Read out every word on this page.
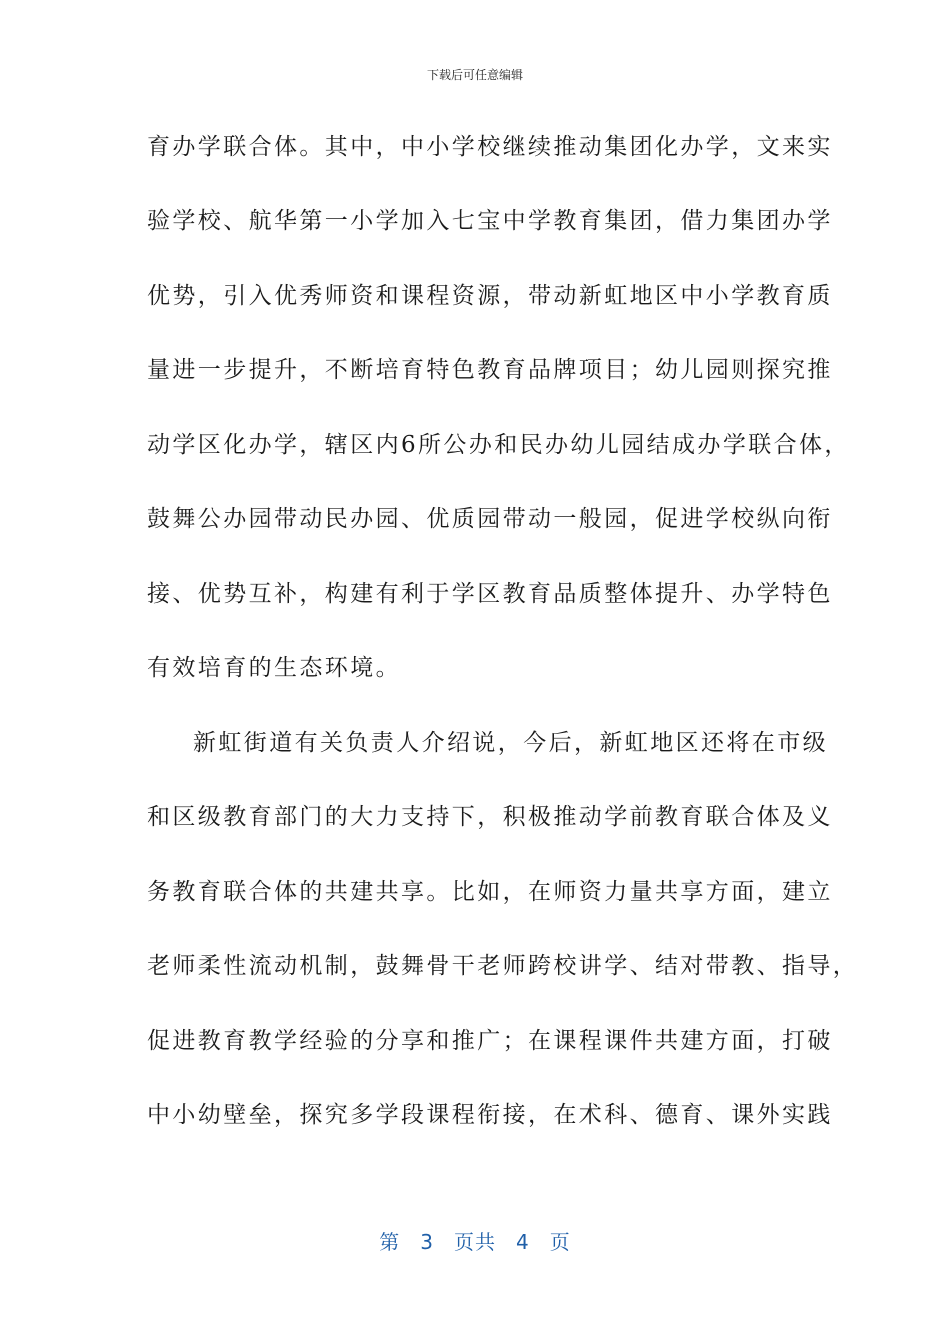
下载后可任意编辑
育办学联合体。其中，中小学校继续推动集团化办学，文来实
验学校、航华第一小学加入七宝中学教育集团，借力集团办学
优势，引入优秀师资和课程资源，带动新虹地区中小学教育质
量进一步提升，不断培育特色教育品牌项目；幼儿园则探究推
动学区化办学，辖区内6所公办和民办幼儿园结成办学联合体，
鼓舞公办园带动民办园、优质园带动一般园，促进学校纵向衔
接、优势互补，构建有利于学区教育品质整体提升、办学特色
有效培育的生态环境。
新虹街道有关负责人介绍说，今后，新虹地区还将在市级
和区级教育部门的大力支持下，积极推动学前教育联合体及义
务教育联合体的共建共享。比如，在师资力量共享方面，建立
老师柔性流动机制，鼓舞骨干老师跨校讲学、结对带教、指导，
促进教育教学经验的分享和推广；在课程课件共建方面，打破
中小幼壁垒，探究多学段课程衔接，在术科、德育、课外实践
第 3 页共 4 页
